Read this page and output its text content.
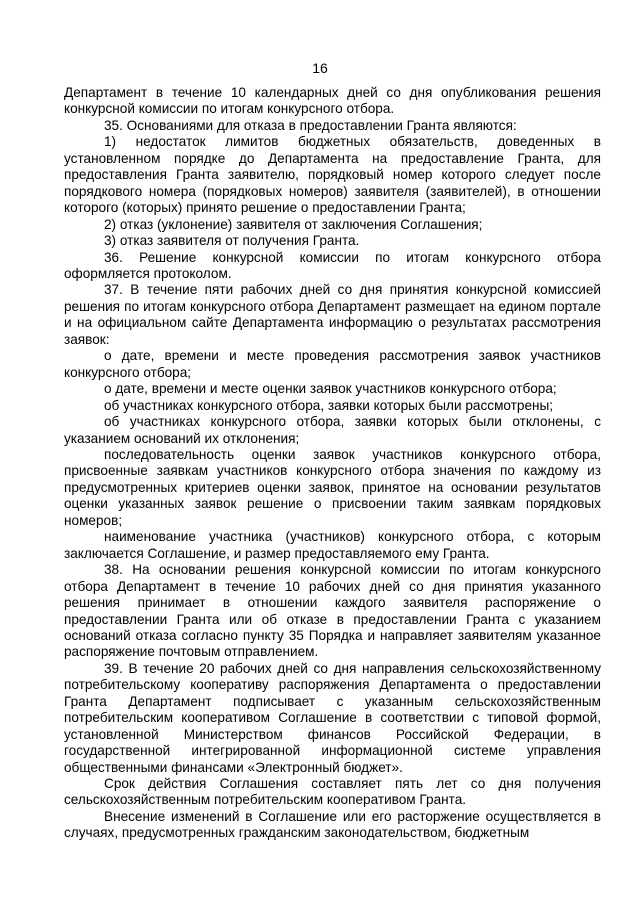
16

Департамент в течение 10 календарных дней со дня опубликования решения конкурсной комиссии по итогам конкурсного отбора.

35. Основаниями для отказа в предоставлении Гранта являются:

1) недостаток лимитов бюджетных обязательств, доведенных в установленном порядке до Департамента на предоставление Гранта, для предоставления Гранта заявителю, порядковый номер которого следует после порядкового номера (порядковых номеров) заявителя (заявителей), в отношении которого (которых) принято решение о предоставлении Гранта;

2) отказ (уклонение) заявителя от заключения Соглашения;

3) отказ заявителя от получения Гранта.

36. Решение конкурсной комиссии по итогам конкурсного отбора оформляется протоколом.

37. В течение пяти рабочих дней со дня принятия конкурсной комиссией решения по итогам конкурсного отбора Департамент размещает на едином портале и на официальном сайте Департамента информацию о результатах рассмотрения заявок:

о дате, времени и месте проведения рассмотрения заявок участников конкурсного отбора;

о дате, времени и месте оценки заявок участников конкурсного отбора;

об участниках конкурсного отбора, заявки которых были рассмотрены;

об участниках конкурсного отбора, заявки которых были отклонены, с указанием оснований их отклонения;

последовательность оценки заявок участников конкурсного отбора, присвоенные заявкам участников конкурсного отбора значения по каждому из предусмотренных критериев оценки заявок, принятое на основании результатов оценки указанных заявок решение о присвоении таким заявкам порядковых номеров;

наименование участника (участников) конкурсного отбора, с которым заключается Соглашение, и размер предоставляемого ему Гранта.

38. На основании решения конкурсной комиссии по итогам конкурсного отбора Департамент в течение 10 рабочих дней со дня принятия указанного решения принимает в отношении каждого заявителя распоряжение о предоставлении Гранта или об отказе в предоставлении Гранта с указанием оснований отказа согласно пункту 35 Порядка и направляет заявителям указанное распоряжение почтовым отправлением.

39. В течение 20 рабочих дней со дня направления сельскохозяйственному потребительскому кооперативу распоряжения Департамента о предоставлении Гранта Департамент подписывает с указанным сельскохозяйственным потребительским кооперативом Соглашение в соответствии с типовой формой, установленной Министерством финансов Российской Федерации, в государственной интегрированной информационной системе управления общественными финансами «Электронный бюджет».

Срок действия Соглашения составляет пять лет со дня получения сельскохозяйственным потребительским кооперативом Гранта.

Внесение изменений в Соглашение или его расторжение осуществляется в случаях, предусмотренных гражданским законодательством, бюджетным
